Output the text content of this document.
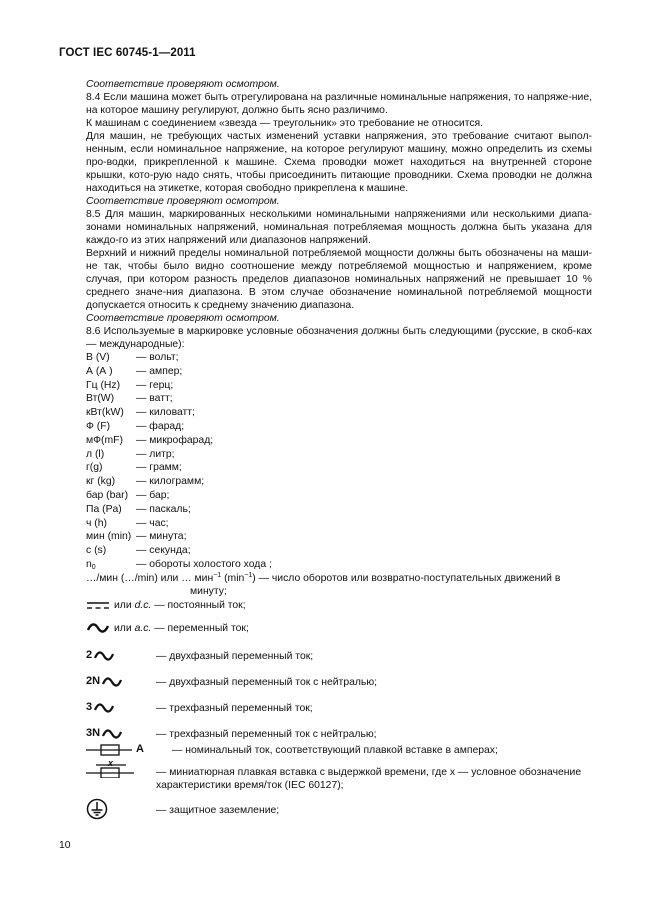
ГОСТ IEC 60745-1—2011

Соответствие проверяют осмотром.

8.4 Если машина может быть отрегулирована на различные номинальные напряжения, то напряже-ние, на которое машину регулируют, должно быть ясно различимо.

К машинам с соединением «звезда — треугольник» это требование не относится.

Для машин, не требующих частых изменений уставки напряжения, это требование считают выпол-ненным, если номинальное напряжение, на которое регулируют машину, можно определить из схемы про-водки, прикрепленной к машине. Схема проводки может находиться на внутренней стороне крышки, кото-рую надо снять, чтобы присоединить питающие проводники. Схема проводки не должна находиться на этикетке, которая свободно прикреплена к машине.

Соответствие проверяют осмотром.

8.5 Для машин, маркированных несколькими номинальными напряжениями или несколькими диапа-зонами номинальных напряжений, номинальная потребляемая мощность должна быть указана для каждо-го из этих напряжений или диапазонов напряжений.

Верхний и нижний пределы номинальной потребляемой мощности должны быть обозначены на маши-не так, чтобы было видно соотношение между потребляемой мощностью и напряжением, кроме случая, при котором разность пределов диапазонов номинальных напряжений не превышает 10 % среднего значе-ния диапазона. В этом случае обозначение номинальной потребляемой мощности допускается относить к среднему значению диапазона.

Соответствие проверяют осмотром.

8.6 Используемые в маркировке условные обозначения должны быть следующими (русские, в скоб-ках — международные):

В (V)	— вольт;
А (А )	— ампер;
Гц (Hz)	— герц;
Вт(W)	— ватт;
кВт(kW)	— киловатт;
Ф (F)	— фарад;
мФ(mF)	— микрофарад;
л (l)	— литр;
г(g)	— грамм;
кг (kg)	— килограмм;
бар (bar) — бар;
Па (Pa)	— паскаль;
ч (h)	— час;
мин (min) — минута;
с (s)	— секунда;
$n_0$	— обороты холостого хода ;
…/мин (…/min) или … мин$^{-1}$ $(\min^{-1})$ — число оборотов или возвратно-поступательных движений в
минуту;
или d.c. — постоянный ток;
или a.c. — переменный ток;
2	— двухфазный переменный ток;
2N	— двухфазный переменный ток с нейтралью;
3	— трехфазный переменный ток;
3N	— трехфазный переменный ток с нейтралью;
A	— номинальный ток, соответствующий плавкой вставке в амперах;
x
— миниатюрная плавкая вставка с выдержкой времени, где x — условное обозначение
характеристики время/ток (IEC 60127);
— защитное заземление;
10
